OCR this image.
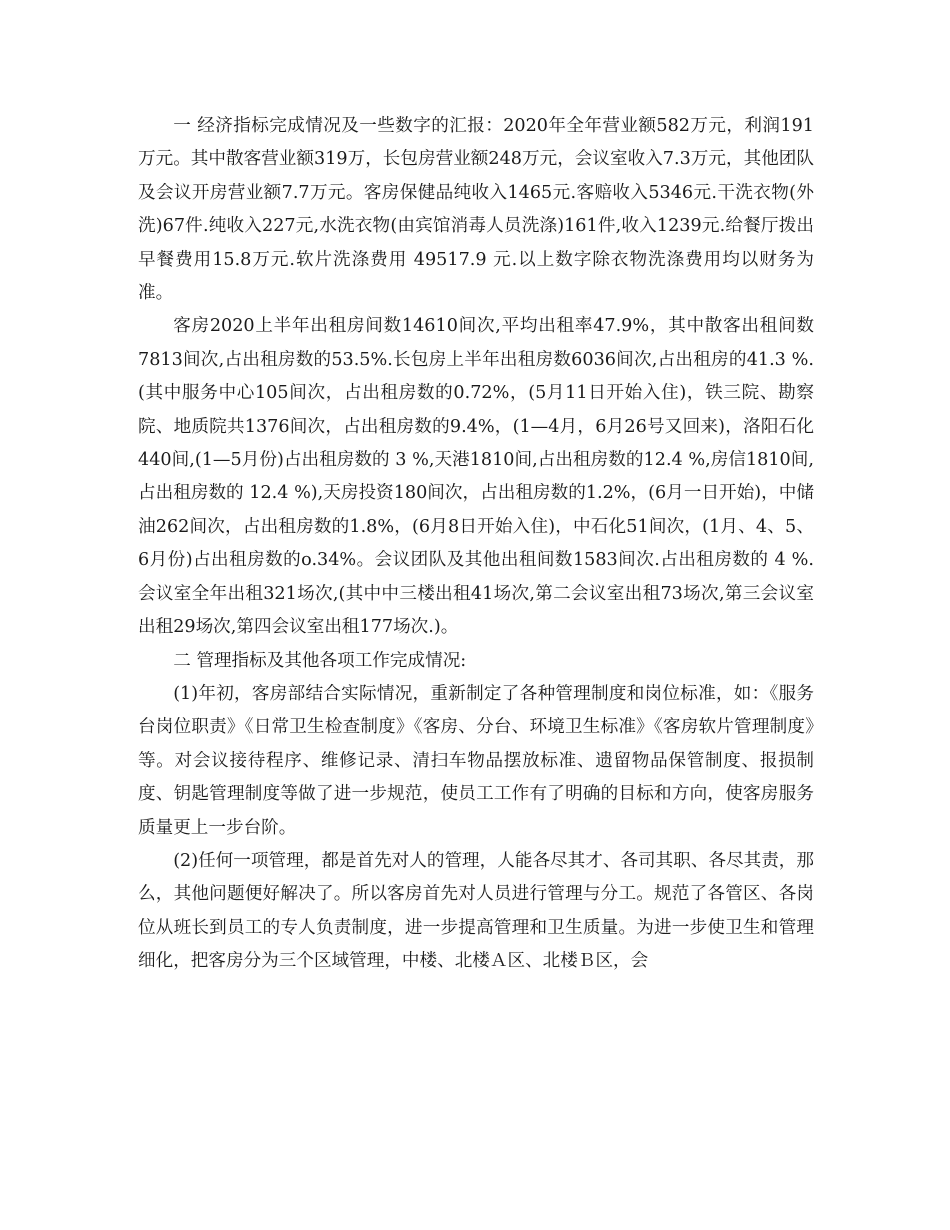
一 经济指标完成情况及一些数字的汇报：2020年全年营业额582万元，利润191万元。其中散客营业额319万，长包房营业额248万元，会议室收入7.3万元，其他团队及会议开房营业额7.7万元。客房保健品纯收入1465元.客赔收入5346元.干洗衣物(外洗)67件.纯收入227元,水洗衣物(由宾馆消毒人员洗涤)161件,收入1239元.给餐厅拨出早餐费用15.8万元.软片洗涤费用 49517.9 元.以上数字除衣物洗涤费用均以财务为准。

客房2020上半年出租房间数14610间次,平均出租率47.9%，其中散客出租间数7813间次,占出租房数的53.5%.长包房上半年出租房数6036间次,占出租房的41.3 %.(其中服务中心105间次，占出租房数的0.72%，(5月11日开始入住)，铁三院、勘察院、地质院共1376间次，占出租房数的9.4%，(1—4月，6月26号又回来)，洛阳石化440间,(1—5月份)占出租房数的 3 %,天港1810间,占出租房数的12.4 %,房信1810间,占出租房数的 12.4 %),天房投资180间次，占出租房数的1.2%，(6月一日开始)，中储油262间次，占出租房数的1.8%，(6月8日开始入住)，中石化51间次，(1月、4、5、6月份)占出租房数的o.34%。会议团队及其他出租间数1583间次.占出租房数的 4 %.会议室全年出租321场次,(其中中三楼出租41场次,第二会议室出租73场次,第三会议室出租29场次,第四会议室出租177场次.)。

二 管理指标及其他各项工作完成情况:

(1)年初，客房部结合实际情况，重新制定了各种管理制度和岗位标准，如：《服务台岗位职责》《日常卫生检查制度》《客房、分台、环境卫生标准》《客房软片管理制度》等。对会议接待程序、维修记录、清扫车物品摆放标准、遗留物品保管制度、报损制度、钥匙管理制度等做了进一步规范，使员工工作有了明确的目标和方向，使客房服务质量更上一步台阶。

(2)任何一项管理，都是首先对人的管理，人能各尽其才、各司其职、各尽其责，那么，其他问题便好解决了。所以客房首先对人员进行管理与分工。规范了各管区、各岗位从班长到员工的专人负责制度，进一步提高管理和卫生质量。为进一步使卫生和管理细化，把客房分为三个区域管理，中楼、北楼Ａ区、北楼Ｂ区，会
